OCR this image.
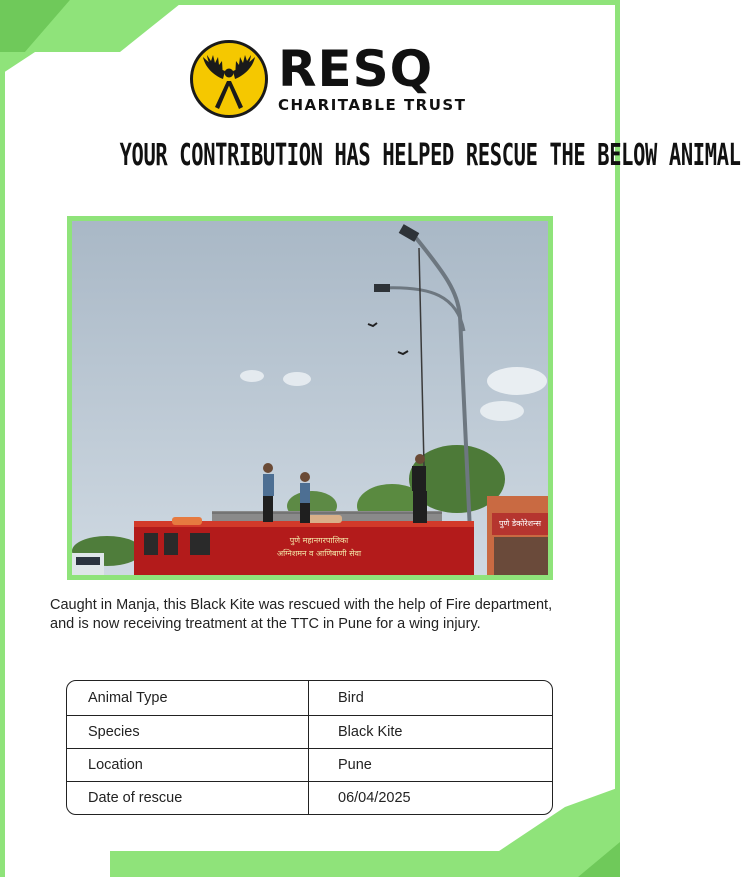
RESQ
CHARITABLE TRUST
YOUR CONTRIBUTION HAS HELPED RESCUE THE BELOW ANIMAL
पुणे महानगरपालिका
अग्निशमन व आणिबाणी सेवा
पुणे डेकोरेशन्स
Caught in Manja, this Black Kite was rescued with the help of Fire department, and is now receiving treatment at the TTC in Pune for a wing injury.
Animal Type	Bird
Species	Black Kite
Location	Pune
Date of rescue	06/04/2025
